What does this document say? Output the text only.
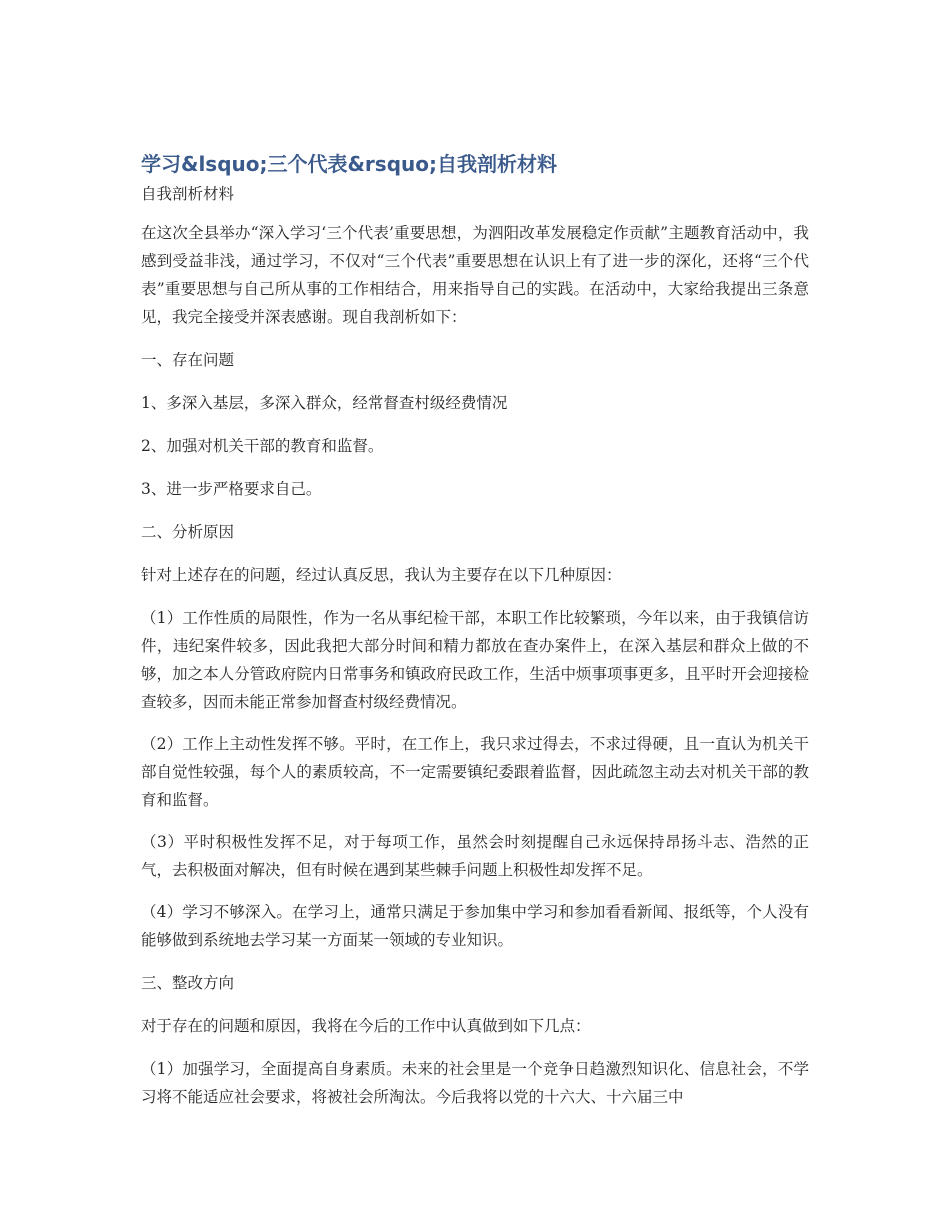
学习&lsquo;三个代表&rsquo;自我剖析材料
自我剖析材料

在这次全县举办“深入学习‘三个代表’重要思想，为泗阳改革发展稳定作贡献”主题教育活动中，我感到受益非浅，通过学习，不仅对“三个代表”重要思想在认识上有了进一步的深化，还将“三个代表”重要思想与自己所从事的工作相结合，用来指导自己的实践。在活动中，大家给我提出三条意见，我完全接受并深表感谢。现自我剖析如下：

一、存在问题

1、多深入基层，多深入群众，经常督查村级经费情况

2、加强对机关干部的教育和监督。

3、进一步严格要求自己。

二、分析原因

针对上述存在的问题，经过认真反思，我认为主要存在以下几种原因：

（1）工作性质的局限性，作为一名从事纪检干部，本职工作比较繁琐，今年以来，由于我镇信访件，违纪案件较多，因此我把大部分时间和精力都放在查办案件上，在深入基层和群众上做的不够，加之本人分管政府院内日常事务和镇政府民政工作，生活中烦事项事更多，且平时开会迎接检查较多，因而未能正常参加督查村级经费情况。

（2）工作上主动性发挥不够。平时，在工作上，我只求过得去，不求过得硬，且一直认为机关干部自觉性较强，每个人的素质较高，不一定需要镇纪委跟着监督，因此疏忽主动去对机关干部的教育和监督。

（3）平时积极性发挥不足，对于每项工作，虽然会时刻提醒自己永远保持昂扬斗志、浩然的正气，去积极面对解决，但有时候在遇到某些棘手问题上积极性却发挥不足。

（4）学习不够深入。在学习上，通常只满足于参加集中学习和参加看看新闻、报纸等，个人没有能够做到系统地去学习某一方面某一领域的专业知识。

三、整改方向

对于存在的问题和原因，我将在今后的工作中认真做到如下几点：

（1）加强学习，全面提高自身素质。未来的社会里是一个竞争日趋激烈知识化、信息社会，不学习将不能适应社会要求，将被社会所淘汰。今后我将以党的十六大、十六届三中
